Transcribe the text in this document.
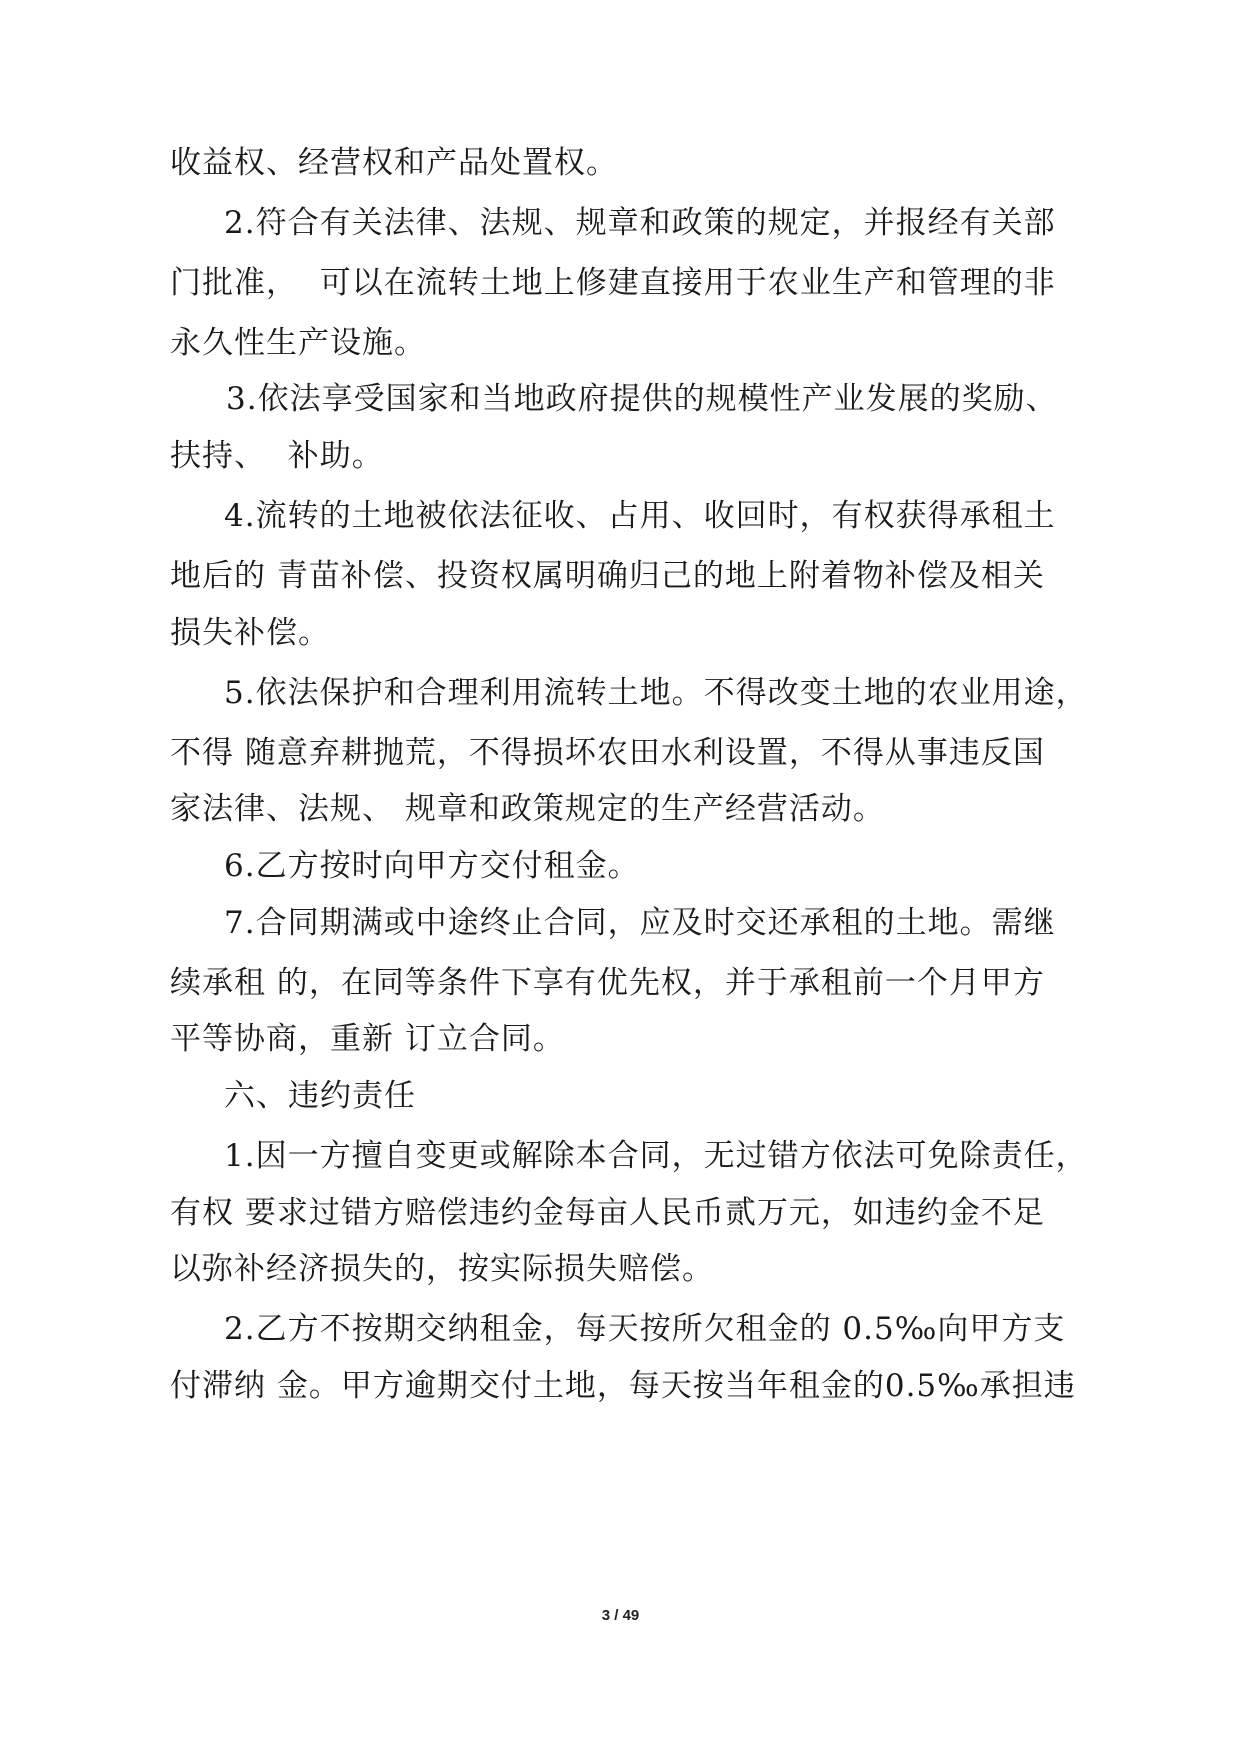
收益权、经营权和产品处置权。
2.符合有关法律、法规、规章和政策的规定，并报经有关部
门批准，  可以在流转土地上修建直接用于农业生产和管理的非
永久性生产设施。
3.依法享受国家和当地政府提供的规模性产业发展的奖励、
扶持、  补助。
4.流转的土地被依法征收、占用、收回时，有权获得承租土
地后的 青苗补偿、投资权属明确归己的地上附着物补偿及相关
损失补偿。
5.依法保护和合理利用流转土地。不得改变土地的农业用途，
不得 随意弃耕抛荒，不得损坏农田水利设置，不得从事违反国
家法律、法规、 规章和政策规定的生产经营活动。
6.乙方按时向甲方交付租金。
7.合同期满或中途终止合同，应及时交还承租的土地。需继
续承租 的，在同等条件下享有优先权，并于承租前一个月甲方
平等协商，重新 订立合同。
六、违约责任
1.因一方擅自变更或解除本合同，无过错方依法可免除责任，
有权 要求过错方赔偿违约金每亩人民币贰万元，如违约金不足
以弥补经济损失的，按实际损失赔偿。
2.乙方不按期交纳租金，每天按所欠租金的 0.5‰向甲方支
付滞纳 金。甲方逾期交付土地，每天按当年租金的0.5‰承担违
3 / 49
